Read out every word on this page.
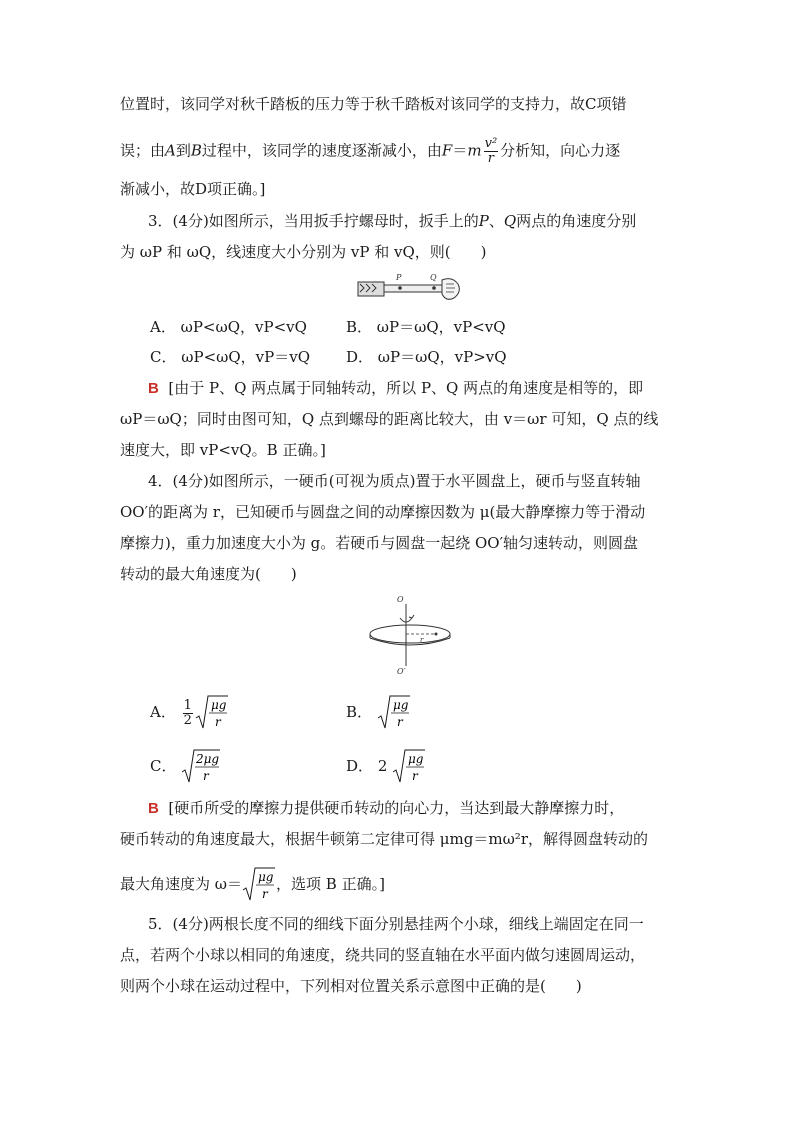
位置时，该同学对秋千踏板的压力等于秋千踏板对该同学的支持力，故C项错
误；由A到B过程中，该同学的速度逐渐减小，由$F=m \frac{\text{v²}}{r}$ 分析知，向心力逐
渐减小，故D项正确。]
3．(4分)如图所示，当用扳手拧螺母时，扳手上的P、Q两点的角速度分别
为 ωP 和 ωQ，线速度大小分别为 vP 和 vQ，则(　　)
P	Q
A． ωP<ωQ，vP<vQ	B． ωP＝ωQ，vP<vQ
C． ωP<ωQ，vP＝vQ D． ωP＝ωQ，vP>vQ
B [由于 P、Q 两点属于同轴转动，所以 P、Q 两点的角速度是相等的，即
ωP＝ωQ；同时由图可知，Q 点到螺母的距离比较大，由 v＝ωr 可知，Q 点的线
速度大，即 vP<vQ。B 正确。]
4．(4分)如图所示，一硬币(可视为质点)置于水平圆盘上，硬币与竖直转轴
OO′的距离为 r，已知硬币与圆盘之间的动摩擦因数为 μ(最大静摩擦力等于滑动
摩擦力)，重力加速度大小为 g。若硬币与圆盘一起绕 OO′轴匀速转动，则圆盘
转动的最大角速度为(　　)
O
O′
r
A． $\frac{1}{2}$ μg
r
B． μg
r
C． 2μg
r
D． 2 μg
r
B [硬币所受的摩擦力提供硬币转动的向心力，当达到最大静摩擦力时，
硬币转动的角速度最大，根据牛顿第二定律可得 μmg＝mω²r，解得圆盘转动的
最大角速度为 ω＝ μg
r
，选项 B 正确。]
5．(4分)两根长度不同的细线下面分别悬挂两个小球，细线上端固定在同一
点，若两个小球以相同的角速度，绕共同的竖直轴在水平面内做匀速圆周运动，
则两个小球在运动过程中，下列相对位置关系示意图中正确的是(　　)
